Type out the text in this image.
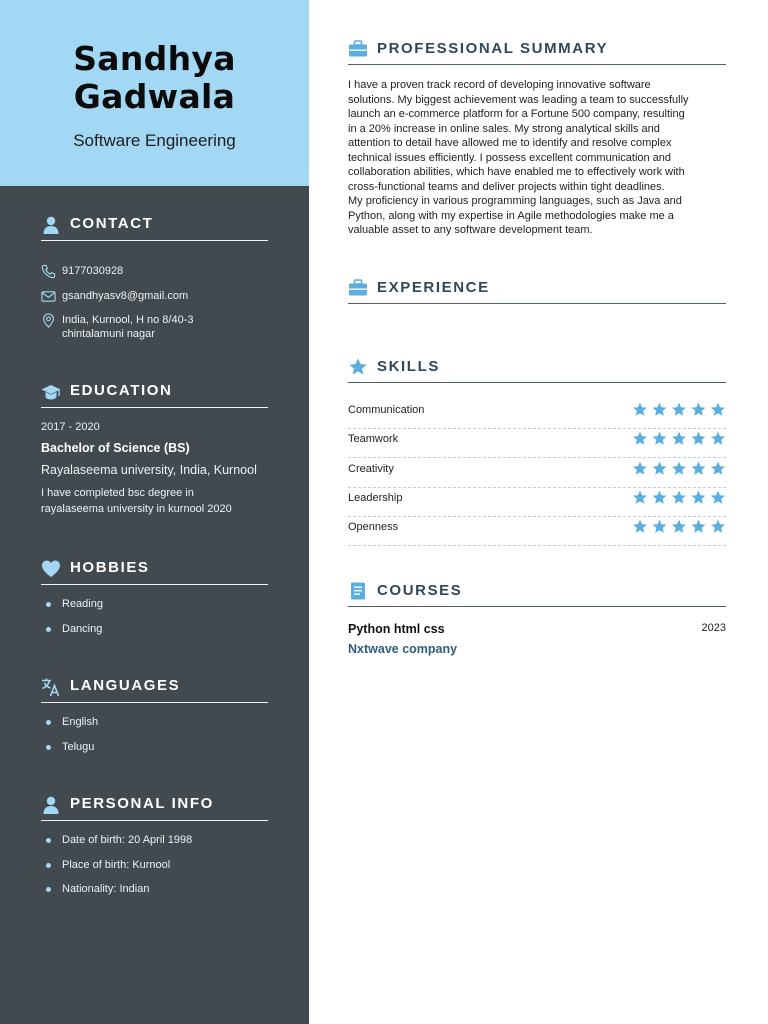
Sandhya
Gadwala
Software Engineering
CONTACT
9177030928
gsandhyasv8@gmail.com
India, Kurnool, H no 8/40-3
chintalamuni nagar
EDUCATION
2017 - 2020
Bachelor of Science (BS)
Rayalaseema university, India, Kurnool
I have completed bsc degree in
rayalaseema university in kurnool 2020
HOBBIES
Reading
Dancing
LANGUAGES
English
Telugu
PERSONAL INFO
Date of birth: 20 April 1998
Place of birth: Kurnool
Nationality: Indian
PROFESSIONAL SUMMARY
I have a proven track record of developing innovative software
solutions. My biggest achievement was leading a team to successfully
launch an e-commerce platform for a Fortune 500 company, resulting
in a 20% increase in online sales. My strong analytical skills and
attention to detail have allowed me to identify and resolve complex
technical issues efficiently. I possess excellent communication and
collaboration abilities, which have enabled me to effectively work with
cross-functional teams and deliver projects within tight deadlines.
My proficiency in various programming languages, such as Java and
Python, along with my expertise in Agile methodologies make me a
valuable asset to any software development team.
EXPERIENCE
SKILLS
Communication
Teamwork
Creativity
Leadership
Openness
COURSES
Python html css	2023
Nxtwave company
